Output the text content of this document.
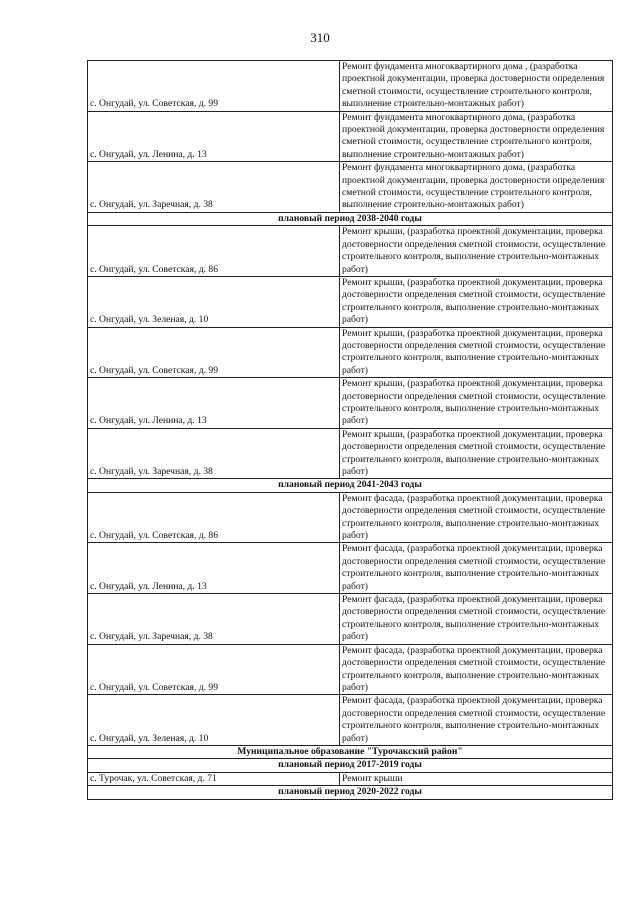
310
с. Онгудай, ул. Советская, д. 99	Ремонт фундамента многоквартирного дома , (разработка проектной документации, проверка достоверности определения сметной стоимости, осуществление строительного контроля, выполнение строительно-монтажных работ)
с. Онгудай, ул. Ленина, д. 13	Ремонт фундамента многоквартирного дома, (разработка проектной документации, проверка достоверности определения сметной стоимости, осуществление строительного контроля, выполнение строительно-монтажных работ)
с. Онгудай, ул. Заречная, д. 38	Ремонт фундамента многоквартирного дома, (разработка проектной документации, проверка достоверности определения сметной стоимости, осуществление строительного контроля, выполнение строительно-монтажных работ)
плановый период 2038-2040 годы	
с. Онгудай, ул. Советская, д. 86	Ремонт крыши, (разработка проектной документации, проверка достоверности определения сметной стоимости, осуществление строительного контроля, выполнение строительно-монтажных работ)
с. Онгудай, ул. Зеленая, д. 10	Ремонт крыши, (разработка проектной документации, проверка достоверности определения сметной стоимости, осуществление строительного контроля, выполнение строительно-монтажных работ)
с. Онгудай, ул. Советская, д. 99	Ремонт крыши, (разработка проектной документации, проверка достоверности определения сметной стоимости, осуществление строительного контроля, выполнение строительно-монтажных работ)
с. Онгудай, ул. Ленина, д. 13	Ремонт крыши, (разработка проектной документации, проверка достоверности определения сметной стоимости, осуществление строительного контроля, выполнение строительно-монтажных работ)
с. Онгудай, ул. Заречная, д. 38	Ремонт крыши, (разработка проектной документации, проверка достоверности определения сметной стоимости, осуществление строительного контроля, выполнение строительно-монтажных работ)
плановый период 2041-2043 годы	
с. Онгудай, ул. Советская, д. 86	Ремонт фасада, (разработка проектной документации, проверка достоверности определения сметной стоимости, осуществление строительного контроля, выполнение строительно-монтажных работ)
с. Онгудай, ул. Ленина, д. 13	Ремонт фасада, (разработка проектной документации, проверка достоверности определения сметной стоимости, осуществление строительного контроля, выполнение строительно-монтажных работ)
с. Онгудай, ул. Заречная, д. 38	Ремонт фасада, (разработка проектной документации, проверка достоверности определения сметной стоимости, осуществление строительного контроля, выполнение строительно-монтажных работ)
с. Онгудай, ул. Советская, д. 99	Ремонт фасада, (разработка проектной документации, проверка достоверности определения сметной стоимости, осуществление строительного контроля, выполнение строительно-монтажных работ)
с. Онгудай, ул. Зеленая, д. 10	Ремонт фасада, (разработка проектной документации, проверка достоверности определения сметной стоимости, осуществление строительного контроля, выполнение строительно-монтажных работ)
Муниципальное образование "Турочакский район"	
плановый период 2017-2019 годы	
с. Турочак, ул. Советская, д. 71	Ремонт крыши
плановый период 2020-2022 годы	
